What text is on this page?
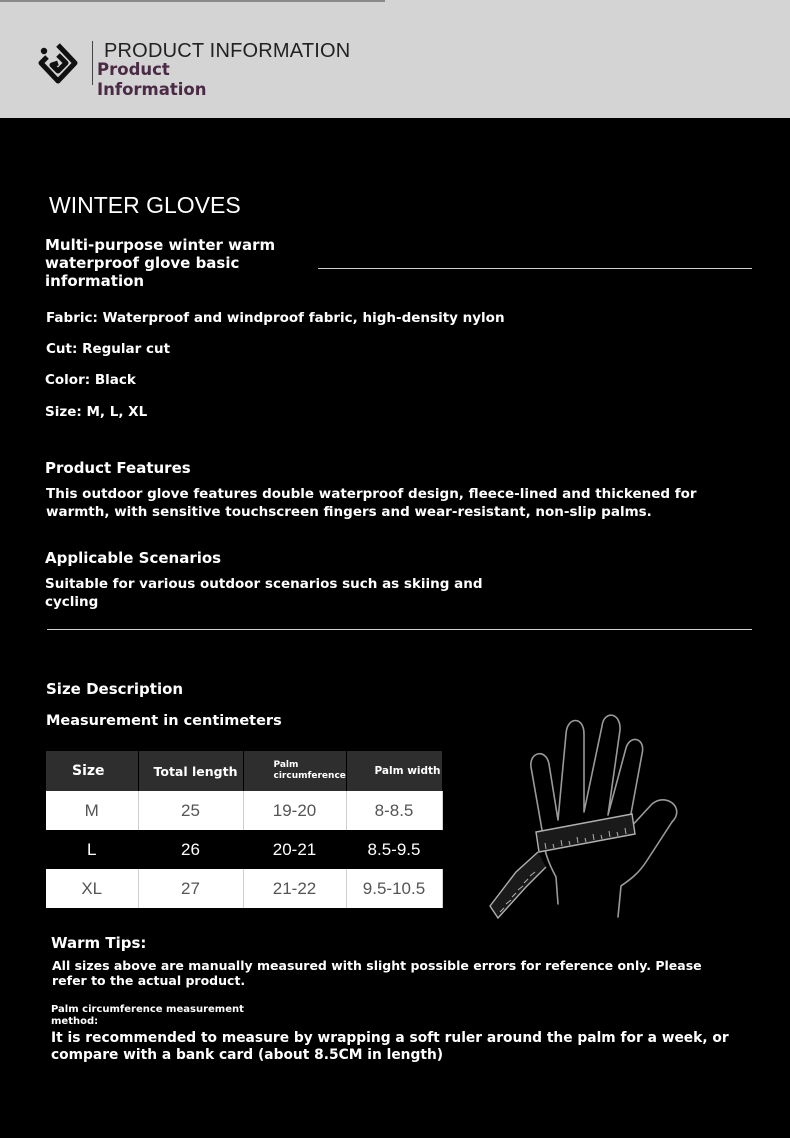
PRODUCT INFORMATION
Product
Information
WINTER GLOVES
Multi-purpose winter warm
waterproof glove basic
information
Fabric: Waterproof and windproof fabric, high-density nylon
Cut: Regular cut
Color: Black
Size: M, L, XL
Product Features
This outdoor glove features double waterproof design, fleece-lined and thickened for
warmth, with sensitive touchscreen fingers and wear-resistant, non-slip palms.
Applicable Scenarios
Suitable for various outdoor scenarios such as skiing and
cycling
Size Description
Measurement in centimeters
Size	Total length	Palm circumference	Palm width
M	25	19-20	8-8.5
L	26	20-21	8.5-9.5
XL	27	21-22	9.5-10.5
Warm Tips:
All sizes above are manually measured with slight possible errors for reference only. Please
refer to the actual product.
Palm circumference measurement
method:
It is recommended to measure by wrapping a soft ruler around the palm for a week, or
compare with a bank card (about 8.5CM in length)
